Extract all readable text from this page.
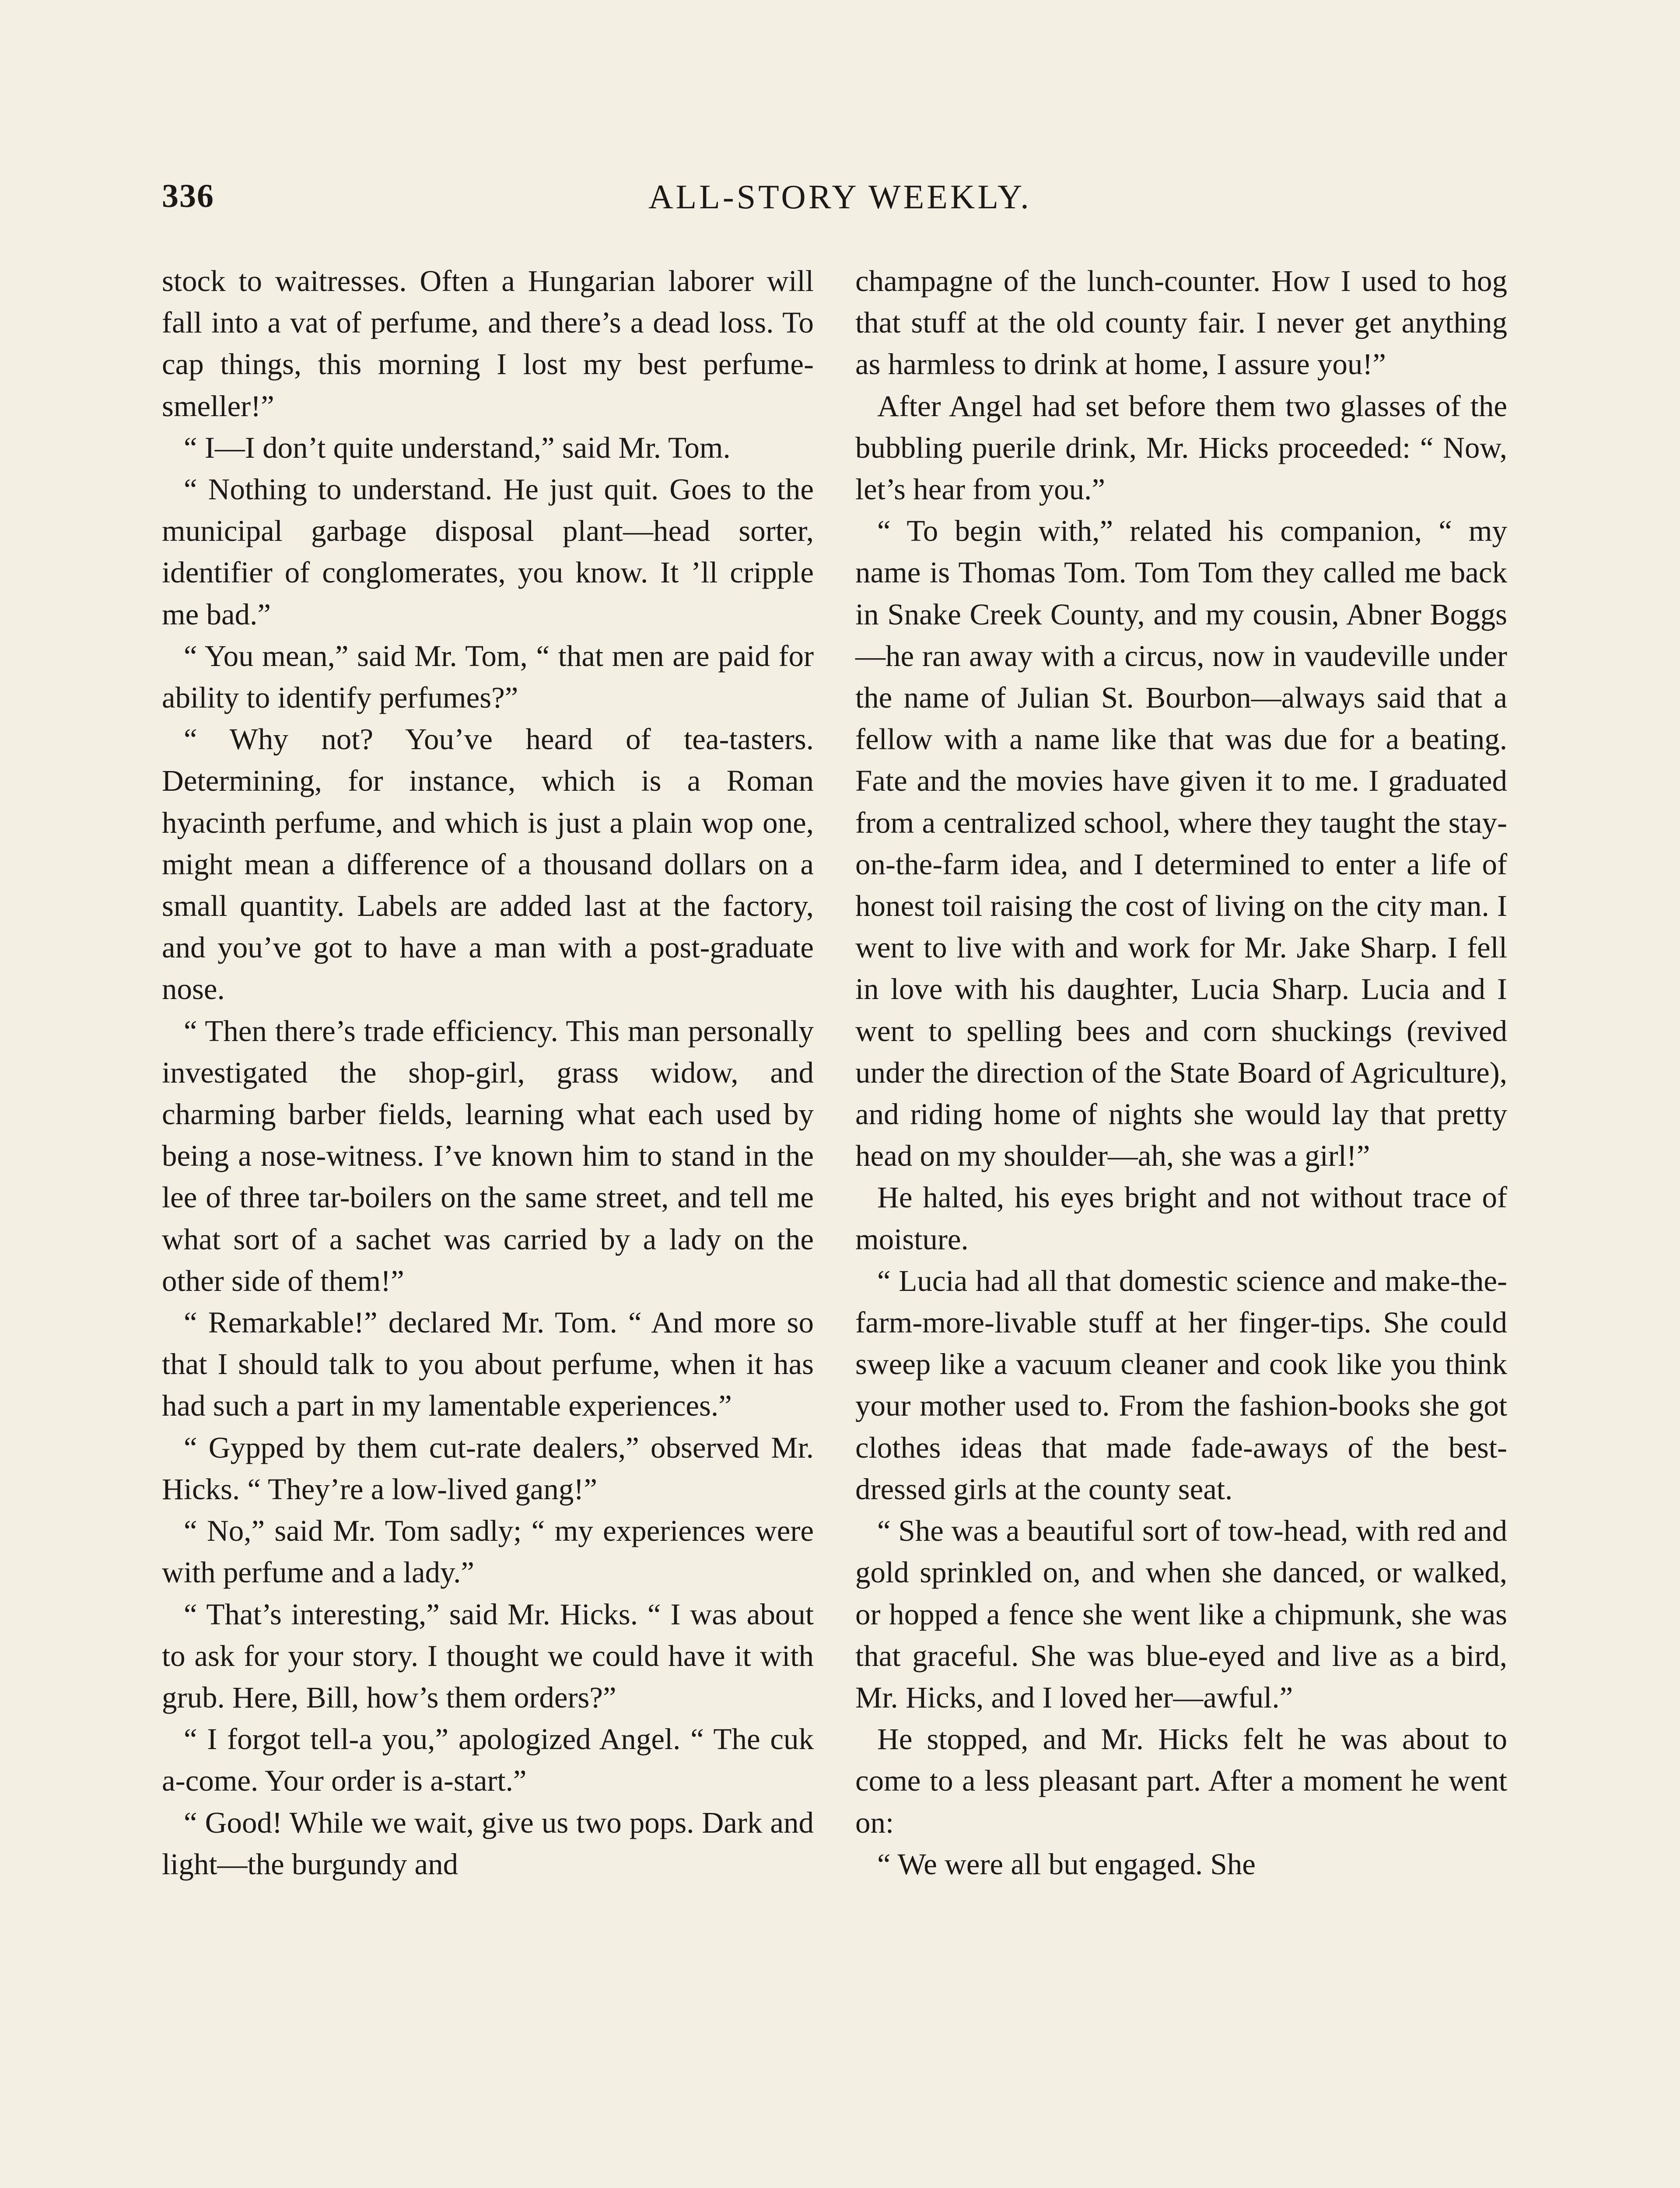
336	ALL-STORY WEEKLY.

stock to waitresses. Often a Hungarian laborer will fall into a vat of perfume, and there’s a dead loss. To cap things, this morning I lost my best perfume-smeller!”

“ I—I don’t quite understand,” said Mr. Tom.

“ Nothing to understand. He just quit. Goes to the municipal garbage disposal plant—head sorter, identifier of conglomerates, you know. It ’ll cripple me bad.”

“ You mean,” said Mr. Tom, “ that men are paid for ability to identify perfumes?”

“ Why not? You’ve heard of tea-tasters. Determining, for instance, which is a Roman hyacinth perfume, and which is just a plain wop one, might mean a difference of a thousand dollars on a small quantity. Labels are added last at the factory, and you’ve got to have a man with a post-graduate nose.

“ Then there’s trade efficiency. This man personally investigated the shop-girl, grass widow, and charming barber fields, learning what each used by being a nose-witness. I’ve known him to stand in the lee of three tar-boilers on the same street, and tell me what sort of a sachet was carried by a lady on the other side of them!”

“ Remarkable!” declared Mr. Tom. “ And more so that I should talk to you about perfume, when it has had such a part in my lamentable experiences.”

“ Gypped by them cut-rate dealers,” observed Mr. Hicks. “ They’re a low-lived gang!”

“ No,” said Mr. Tom sadly; “ my experiences were with perfume and a lady.”

“ That’s interesting,” said Mr. Hicks. “ I was about to ask for your story. I thought we could have it with grub. Here, Bill, how’s them orders?”

“ I forgot tell-a you,” apologized Angel. “ The cuk a-come. Your order is a-start.”

“ Good! While we wait, give us two pops. Dark and light—the burgundy and

champagne of the lunch-counter. How I used to hog that stuff at the old county fair. I never get anything as harmless to drink at home, I assure you!”

After Angel had set before them two glasses of the bubbling puerile drink, Mr. Hicks proceeded: “ Now, let’s hear from you.”

“ To begin with,” related his companion, “ my name is Thomas Tom. Tom Tom they called me back in Snake Creek County, and my cousin, Abner Boggs—he ran away with a circus, now in vaudeville under the name of Julian St. Bourbon—always said that a fellow with a name like that was due for a beating. Fate and the movies have given it to me. I graduated from a centralized school, where they taught the stay-on-the-farm idea, and I determined to enter a life of honest toil raising the cost of living on the city man. I went to live with and work for Mr. Jake Sharp. I fell in love with his daughter, Lucia Sharp. Lucia and I went to spelling bees and corn shuckings (revived under the direction of the State Board of Agriculture), and riding home of nights she would lay that pretty head on my shoulder—ah, she was a girl!”

He halted, his eyes bright and not without trace of moisture.

“ Lucia had all that domestic science and make-the-farm-more-livable stuff at her finger-tips. She could sweep like a vacuum cleaner and cook like you think your mother used to. From the fashion-books she got clothes ideas that made fade-aways of the best-dressed girls at the county seat.

“ She was a beautiful sort of tow-head, with red and gold sprinkled on, and when she danced, or walked, or hopped a fence she went like a chipmunk, she was that graceful. She was blue-eyed and live as a bird, Mr. Hicks, and I loved her—awful.”

He stopped, and Mr. Hicks felt he was about to come to a less pleasant part. After a moment he went on:

“ We were all but engaged. She
